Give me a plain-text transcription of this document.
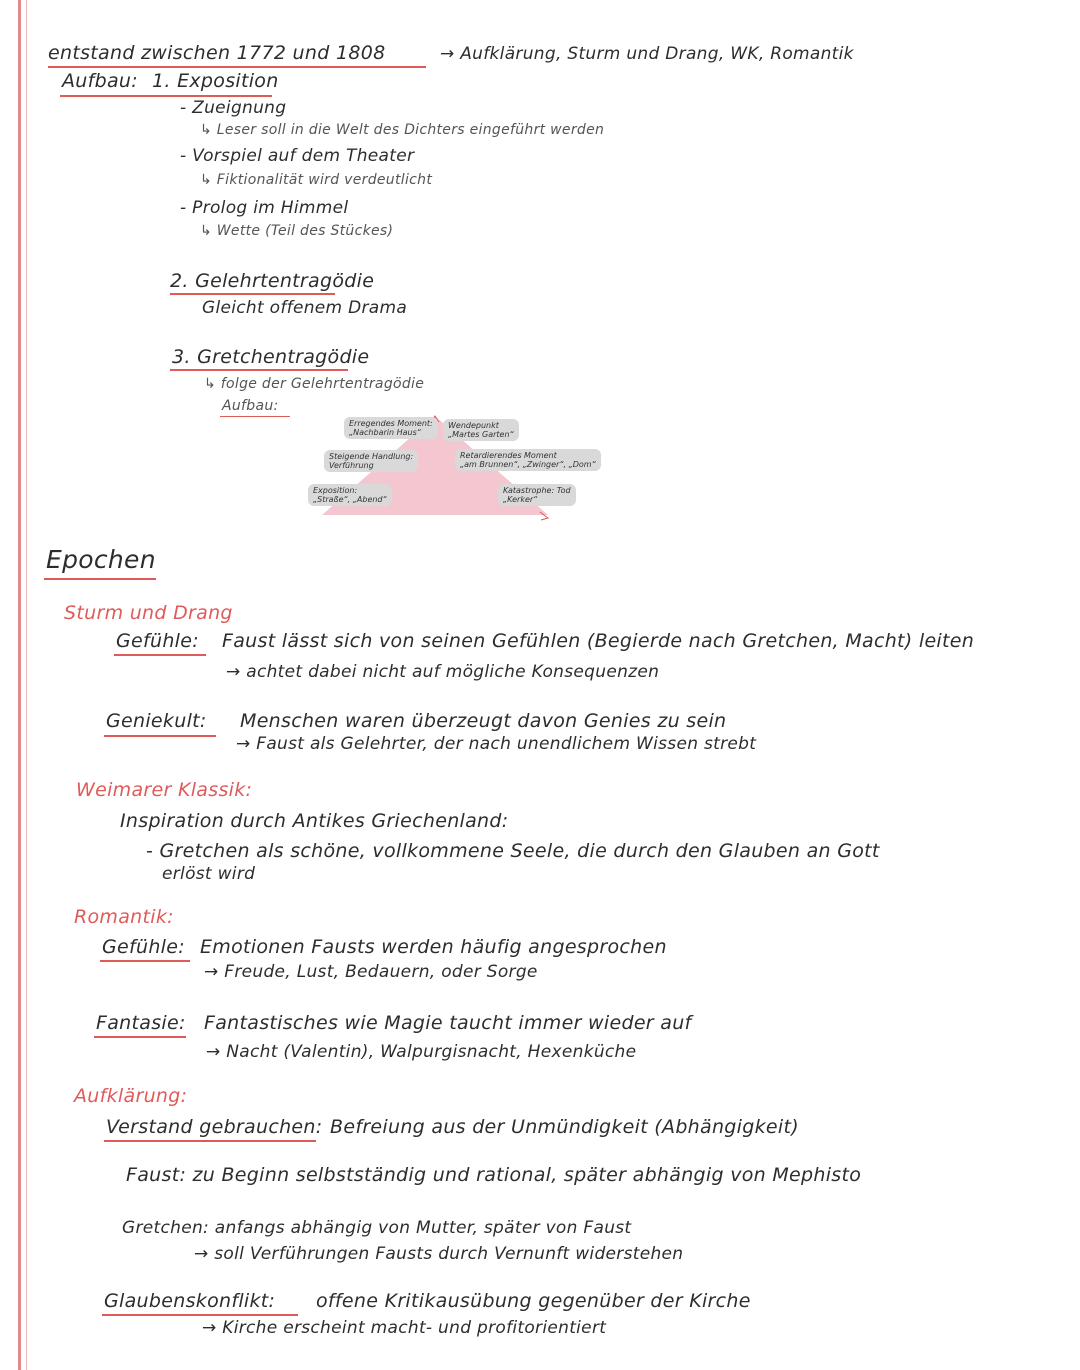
entstand zwischen 1772 und 1808	→ Aufklärung, Sturm und Drang, WK, Romantik
Aufbau: 1. Exposition
- Zueignung
↳ Leser soll in die Welt des Dichters eingeführt werden
- Vorspiel auf dem Theater
↳ Fiktionalität wird verdeutlicht
- Prolog im Himmel
↳ Wette (Teil des Stückes)
2. Gelehrtentragödie
Gleicht offenem Drama
3. Gretchentragödie
↳ folge der Gelehrtentragödie
Aufbau:
Erregendes Moment:
„Nachbarin Haus“
Wendepunkt
„Martes Garten“
Steigende Handlung:
Verführung
Retardierendes Moment
„am Brunnen“, „Zwinger“, „Dom“
Exposition:
„Straße“, „Abend“
Katastrophe: Tod
„Kerker“
Epochen
Sturm und Drang
Gefühle: Faust lässt sich von seinen Gefühlen (Begierde nach Gretchen, Macht) leiten
→ achtet dabei nicht auf mögliche Konsequenzen
Geniekult: Menschen waren überzeugt davon Genies zu sein
→ Faust als Gelehrter, der nach unendlichem Wissen strebt
Weimarer Klassik:
Inspiration durch Antikes Griechenland:
- Gretchen als schöne, vollkommene Seele, die durch den Glauben an Gott
erlöst wird
Romantik:
Gefühle: Emotionen Fausts werden häufig angesprochen
→ Freude, Lust, Bedauern, oder Sorge
Fantasie: Fantastisches wie Magie taucht immer wieder auf
→ Nacht (Valentin), Walpurgisnacht, Hexenküche
Aufklärung:
Verstand gebrauchen: Befreiung aus der Unmündigkeit (Abhängigkeit)
Faust: zu Beginn selbstständig und rational, später abhängig von Mephisto
Gretchen: anfangs abhängig von Mutter, später von Faust
→ soll Verführungen Fausts durch Vernunft widerstehen
Glaubenskonflikt: offene Kritikausübung gegenüber der Kirche
→ Kirche erscheint macht- und profitorientiert
